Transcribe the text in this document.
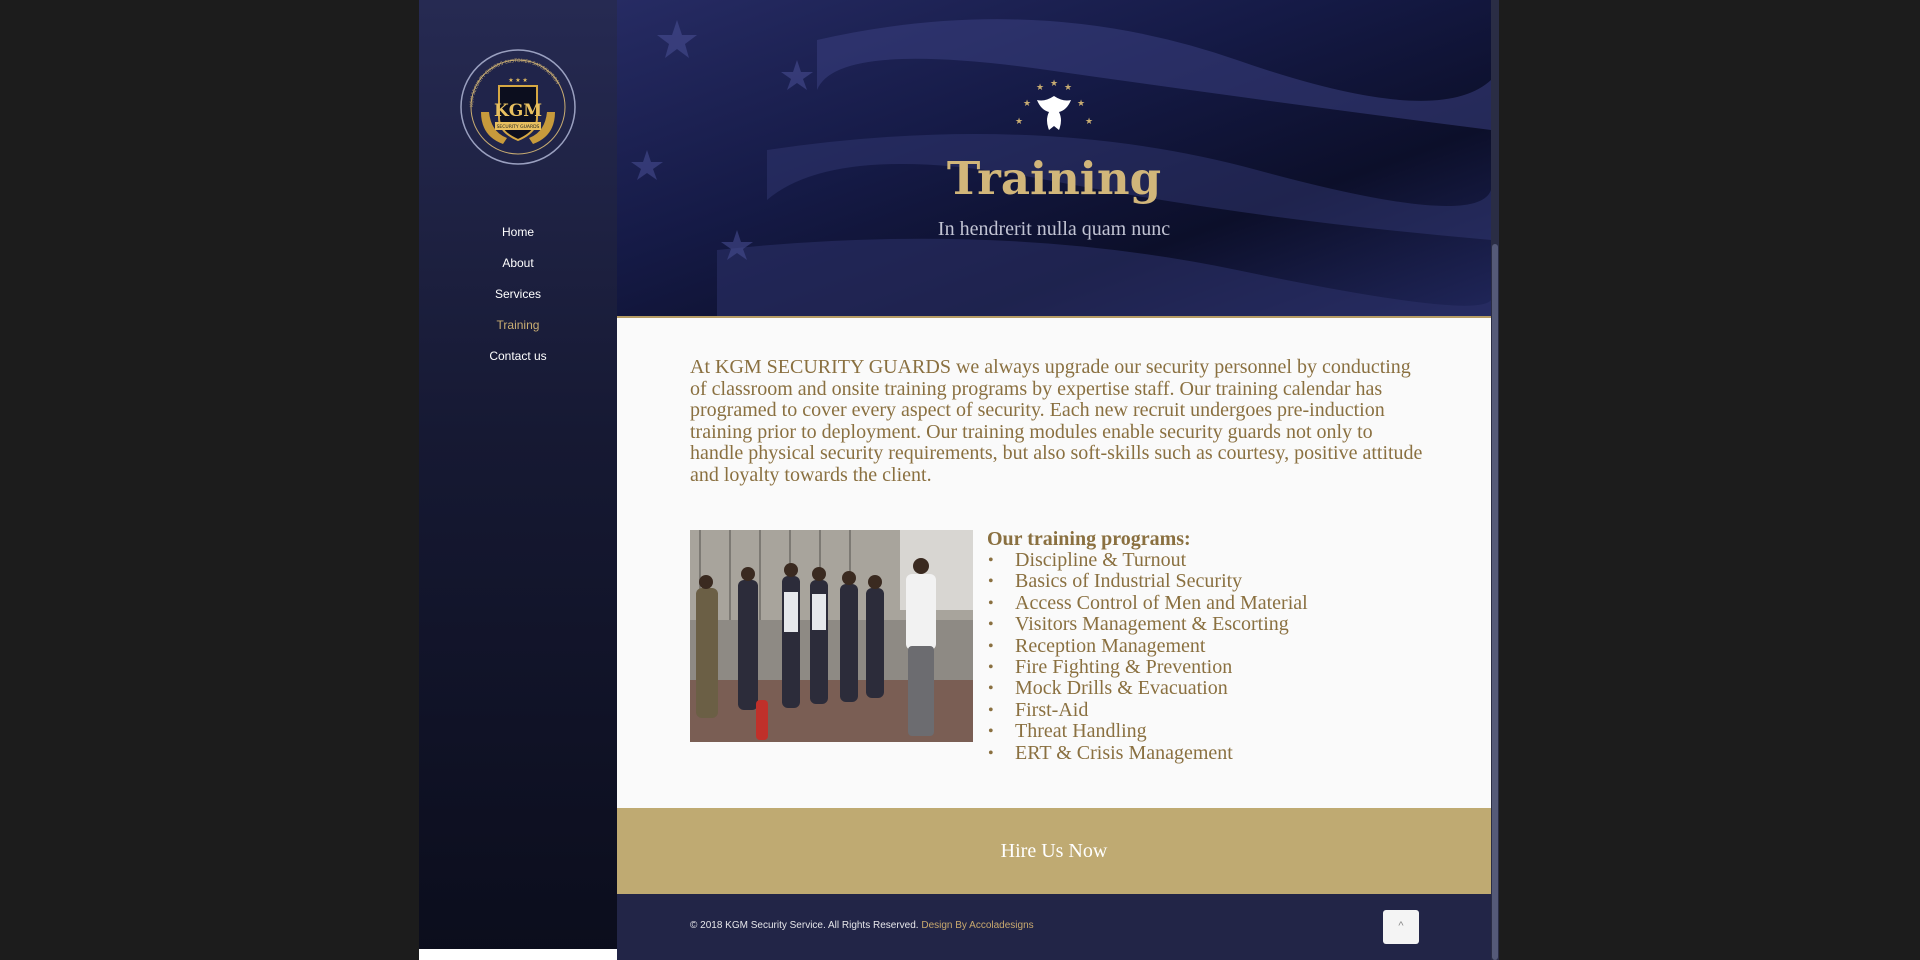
KGM
SECURITY GUARDS
KGM SECURITY GUARDS CUSTOMER SATISFACTION
★ ★ ★
Home
About
Services
Training
Contact us
★
★ ★
★	★
★	★
Training

In hendrerit nulla quam nunc

At KGM SECURITY GUARDS we always upgrade our security personnel by conducting of classroom and onsite training programs by expertise staff. Our training calendar has programed to cover every aspect of security. Each new recruit undergoes pre-induction training prior to deployment. Our training modules enable security guards not only to handle physical security requirements, but also soft-skills such as courtesy, positive attitude and loyalty towards the client.

Our training programs:
• Discipline & Turnout
• Basics of Industrial Security
• Access Control of Men and Material
• Visitors Management & Escorting
• Reception Management
• Fire Fighting & Prevention
• Mock Drills & Evacuation
• First-Aid
• Threat Handling
• ERT & Crisis Management
Hire Us Now

© 2018 KGM Security Service. All Rights Reserved. Design By Accoladesigns	^
